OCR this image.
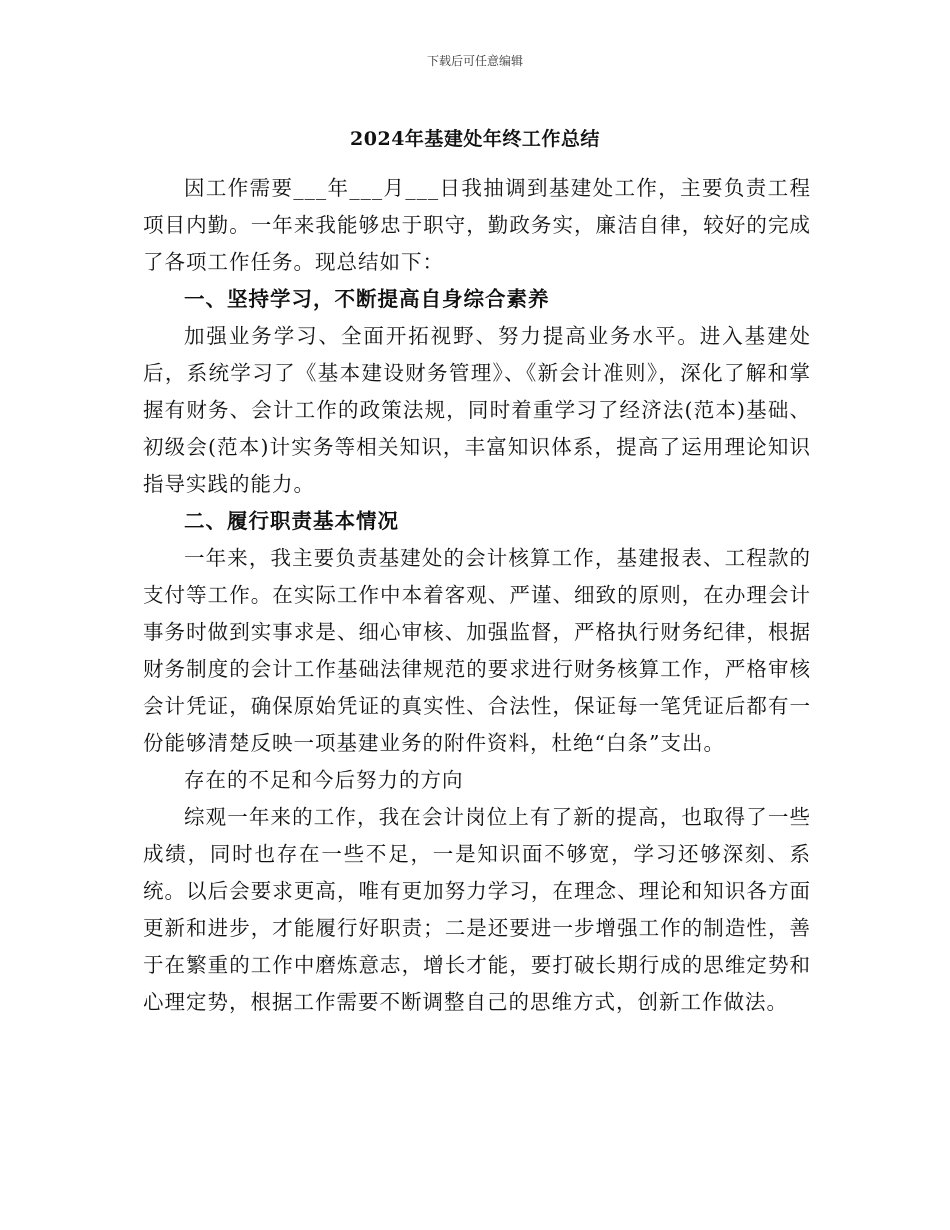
下载后可任意编辑
2024年基建处年终工作总结

因工作需要___年___月___日我抽调到基建处工作，主要负责工程项目内勤。一年来我能够忠于职守，勤政务实，廉洁自律，较好的完成了各项工作任务。现总结如下：

一、坚持学习，不断提高自身综合素养

加强业务学习、全面开拓视野、努力提高业务水平。进入基建处后，系统学习了《基本建设财务管理》、《新会计准则》，深化了解和掌握有财务、会计工作的政策法规，同时着重学习了经济法(范本)基础、初级会(范本)计实务等相关知识，丰富知识体系，提高了运用理论知识指导实践的能力。

二、履行职责基本情况

一年来，我主要负责基建处的会计核算工作，基建报表、工程款的支付等工作。在实际工作中本着客观、严谨、细致的原则，在办理会计事务时做到实事求是、细心审核、加强监督，严格执行财务纪律，根据财务制度的会计工作基础法律规范的要求进行财务核算工作，严格审核会计凭证，确保原始凭证的真实性、合法性，保证每一笔凭证后都有一份能够清楚反映一项基建业务的附件资料，杜绝“白条”支出。

存在的不足和今后努力的方向

综观一年来的工作，我在会计岗位上有了新的提高，也取得了一些成绩，同时也存在一些不足，一是知识面不够宽，学习还够深刻、系统。以后会要求更高，唯有更加努力学习，在理念、理论和知识各方面更新和进步，才能履行好职责；二是还要进一步增强工作的制造性，善于在繁重的工作中磨炼意志，增长才能，要打破长期行成的思维定势和心理定势，根据工作需要不断调整自己的思维方式，创新工作做法。
